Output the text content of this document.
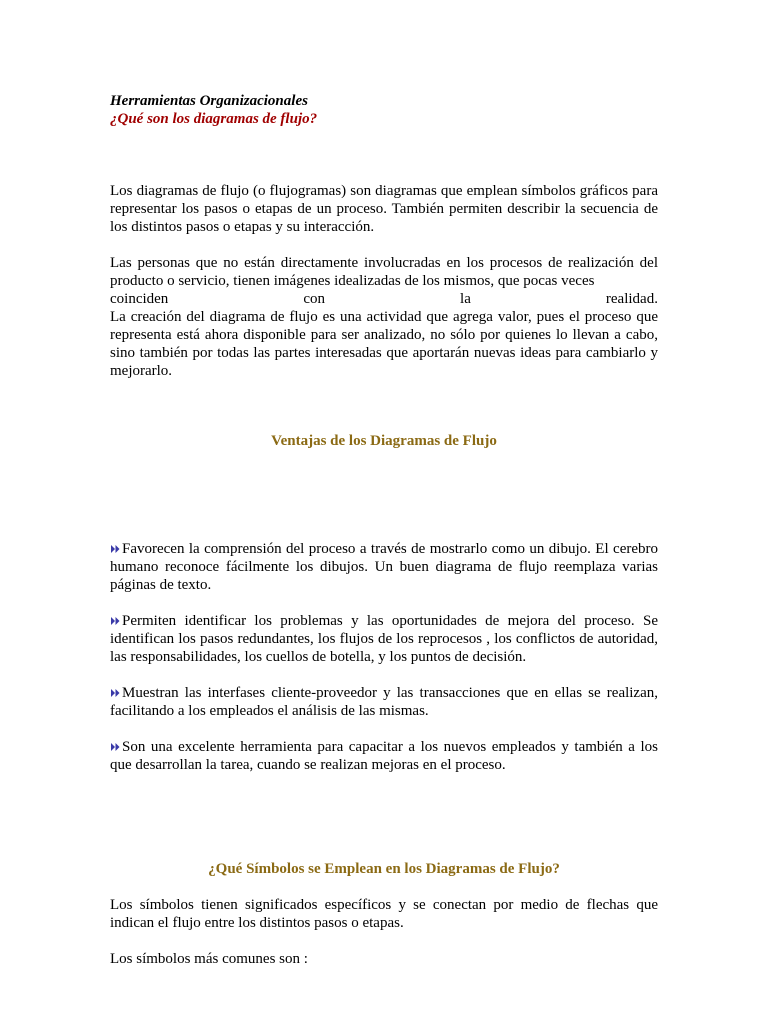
Herramientas Organizacionales
¿Qué son los diagramas de flujo?

Los diagramas de flujo (o flujogramas) son diagramas que emplean símbolos gráficos para representar los pasos o etapas de un proceso. También permiten describir la secuencia de los distintos pasos o etapas y su interacción.

Las personas que no están directamente involucradas en los procesos de realización del producto o servicio, tienen imágenes idealizadas de los mismos, que pocas veces
coinciden	con	la	realidad.
La creación del diagrama de flujo es una actividad que agrega valor, pues el proceso que representa está ahora disponible para ser analizado, no sólo por quienes lo llevan a cabo, sino también por todas las partes interesadas que aportarán nuevas ideas para cambiarlo y mejorarlo.
Ventajas de los Diagramas de Flujo

Favorecen la comprensión del proceso a través de mostrarlo como un dibujo. El cerebro humano reconoce fácilmente los dibujos. Un buen diagrama de flujo reemplaza varias páginas de texto.

Permiten identificar los problemas y las oportunidades de mejora del proceso. Se identifican los pasos redundantes, los flujos de los reprocesos , los conflictos de autoridad, las responsabilidades, los cuellos de botella, y los puntos de decisión.

Muestran las interfases cliente-proveedor y las transacciones que en ellas se realizan, facilitando a los empleados el análisis de las mismas.

Son una excelente herramienta para capacitar a los nuevos empleados y también a los que desarrollan la tarea, cuando se realizan mejoras en el proceso.

¿Qué Símbolos se Emplean en los Diagramas de Flujo?

Los símbolos tienen significados específicos y se conectan por medio de flechas que indican el flujo entre los distintos pasos o etapas.

Los símbolos más comunes son :
